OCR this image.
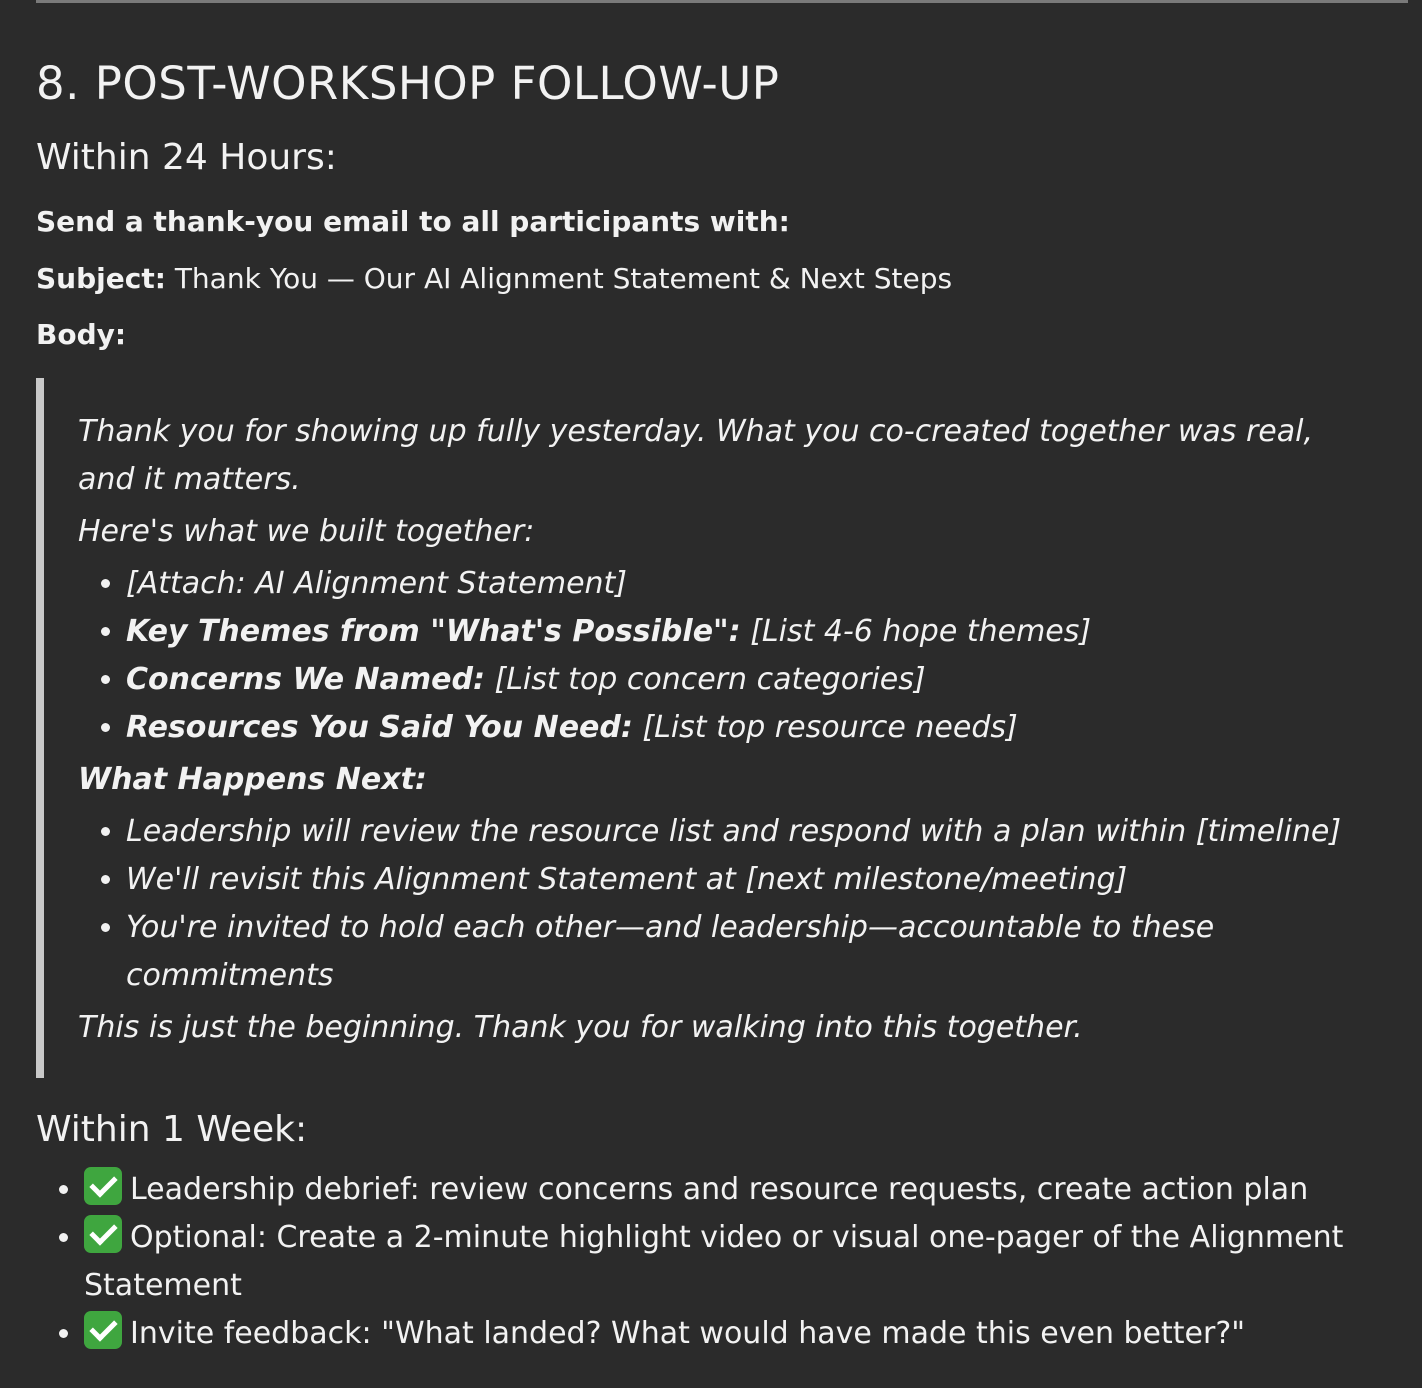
8. POST-WORKSHOP FOLLOW-UP
Within 24 Hours:

Send a thank-you email to all participants with:

Subject: Thank You — Our AI Alignment Statement & Next Steps

Body:

Thank you for showing up fully yesterday. What you co-created together was real, and it matters.

Here's what we built together:

• [Attach: AI Alignment Statement]
• Key Themes from "What's Possible": [List 4-6 hope themes]
• Concerns We Named: [List top concern categories]
• Resources You Said You Need: [List top resource needs]

What Happens Next:

• Leadership will review the resource list and respond with a plan within [timeline]
• We'll revisit this Alignment Statement at [next milestone/meeting]
• You're invited to hold each other—and leadership—accountable to these commitments

This is just the beginning. Thank you for walking into this together.

Within 1 Week:
• Leadership debrief: review concerns and resource requests, create action plan
• Optional: Create a 2-minute highlight video or visual one-pager of the Alignment Statement
• Invite feedback: "What landed? What would have made this even better?"
